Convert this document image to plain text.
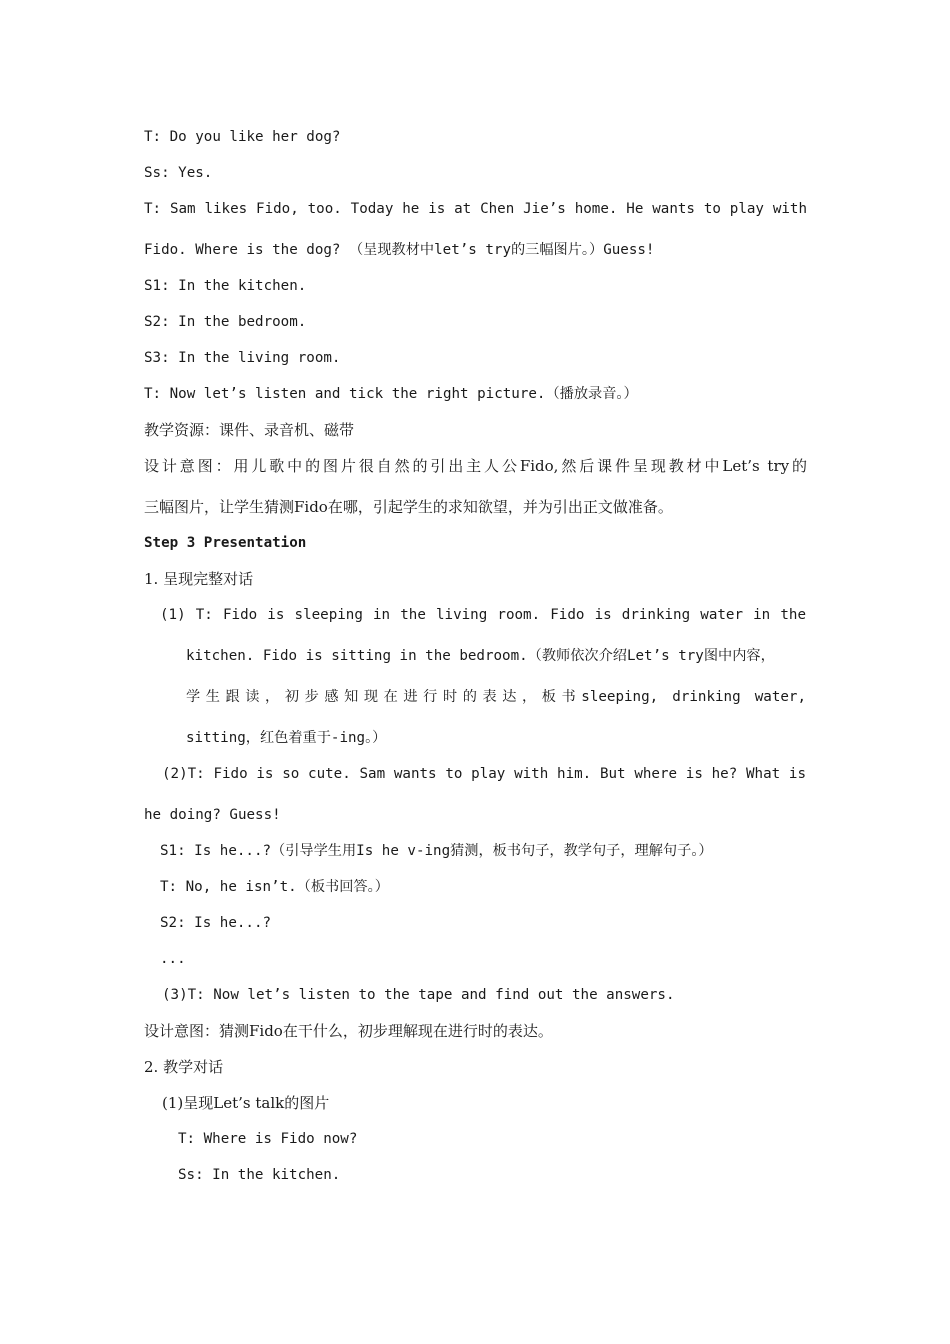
T: Do you like her dog?

Ss: Yes.

T: Sam likes Fido, too. Today he is at Chen Jie’s home. He wants to play with

Fido. Where is the dog? （呈现教材中let’s try的三幅图片。）Guess!

S1: In the kitchen.

S2: In the bedroom.

S3: In the living room.

T: Now let’s listen and tick the right picture.（播放录音。）

教学资源：课件、录音机、磁带

设计意图：用儿歌中的图片很自然的引出主人公Fido,然后课件呈现教材中Let’s try的

三幅图片，让学生猜测Fido在哪，引起学生的求知欲望，并为引出正文做准备。

Step 3 Presentation

1. 呈现完整对话

(1) T: Fido is sleeping in the living room. Fido is drinking water in the

kitchen. Fido is sitting in the bedroom.（教师依次介绍Let’s try图中内容，

学生跟读，初步感知现在进行时的表达，板书sleeping, drinking water,

sitting，红色着重于-ing。）

(2)T: Fido is so cute. Sam wants to play with him. But where is he? What is

he doing? Guess!

S1: Is he...?（引导学生用Is he v-ing猜测，板书句子，教学句子，理解句子。）

T: No, he isn’t.（板书回答。）

S2: Is he...?

...

(3)T: Now let’s listen to the tape and find out the answers.

设计意图：猜测Fido在干什么，初步理解现在进行时的表达。

2. 教学对话

(1)呈现Let’s talk的图片

T: Where is Fido now?

Ss: In the kitchen.
